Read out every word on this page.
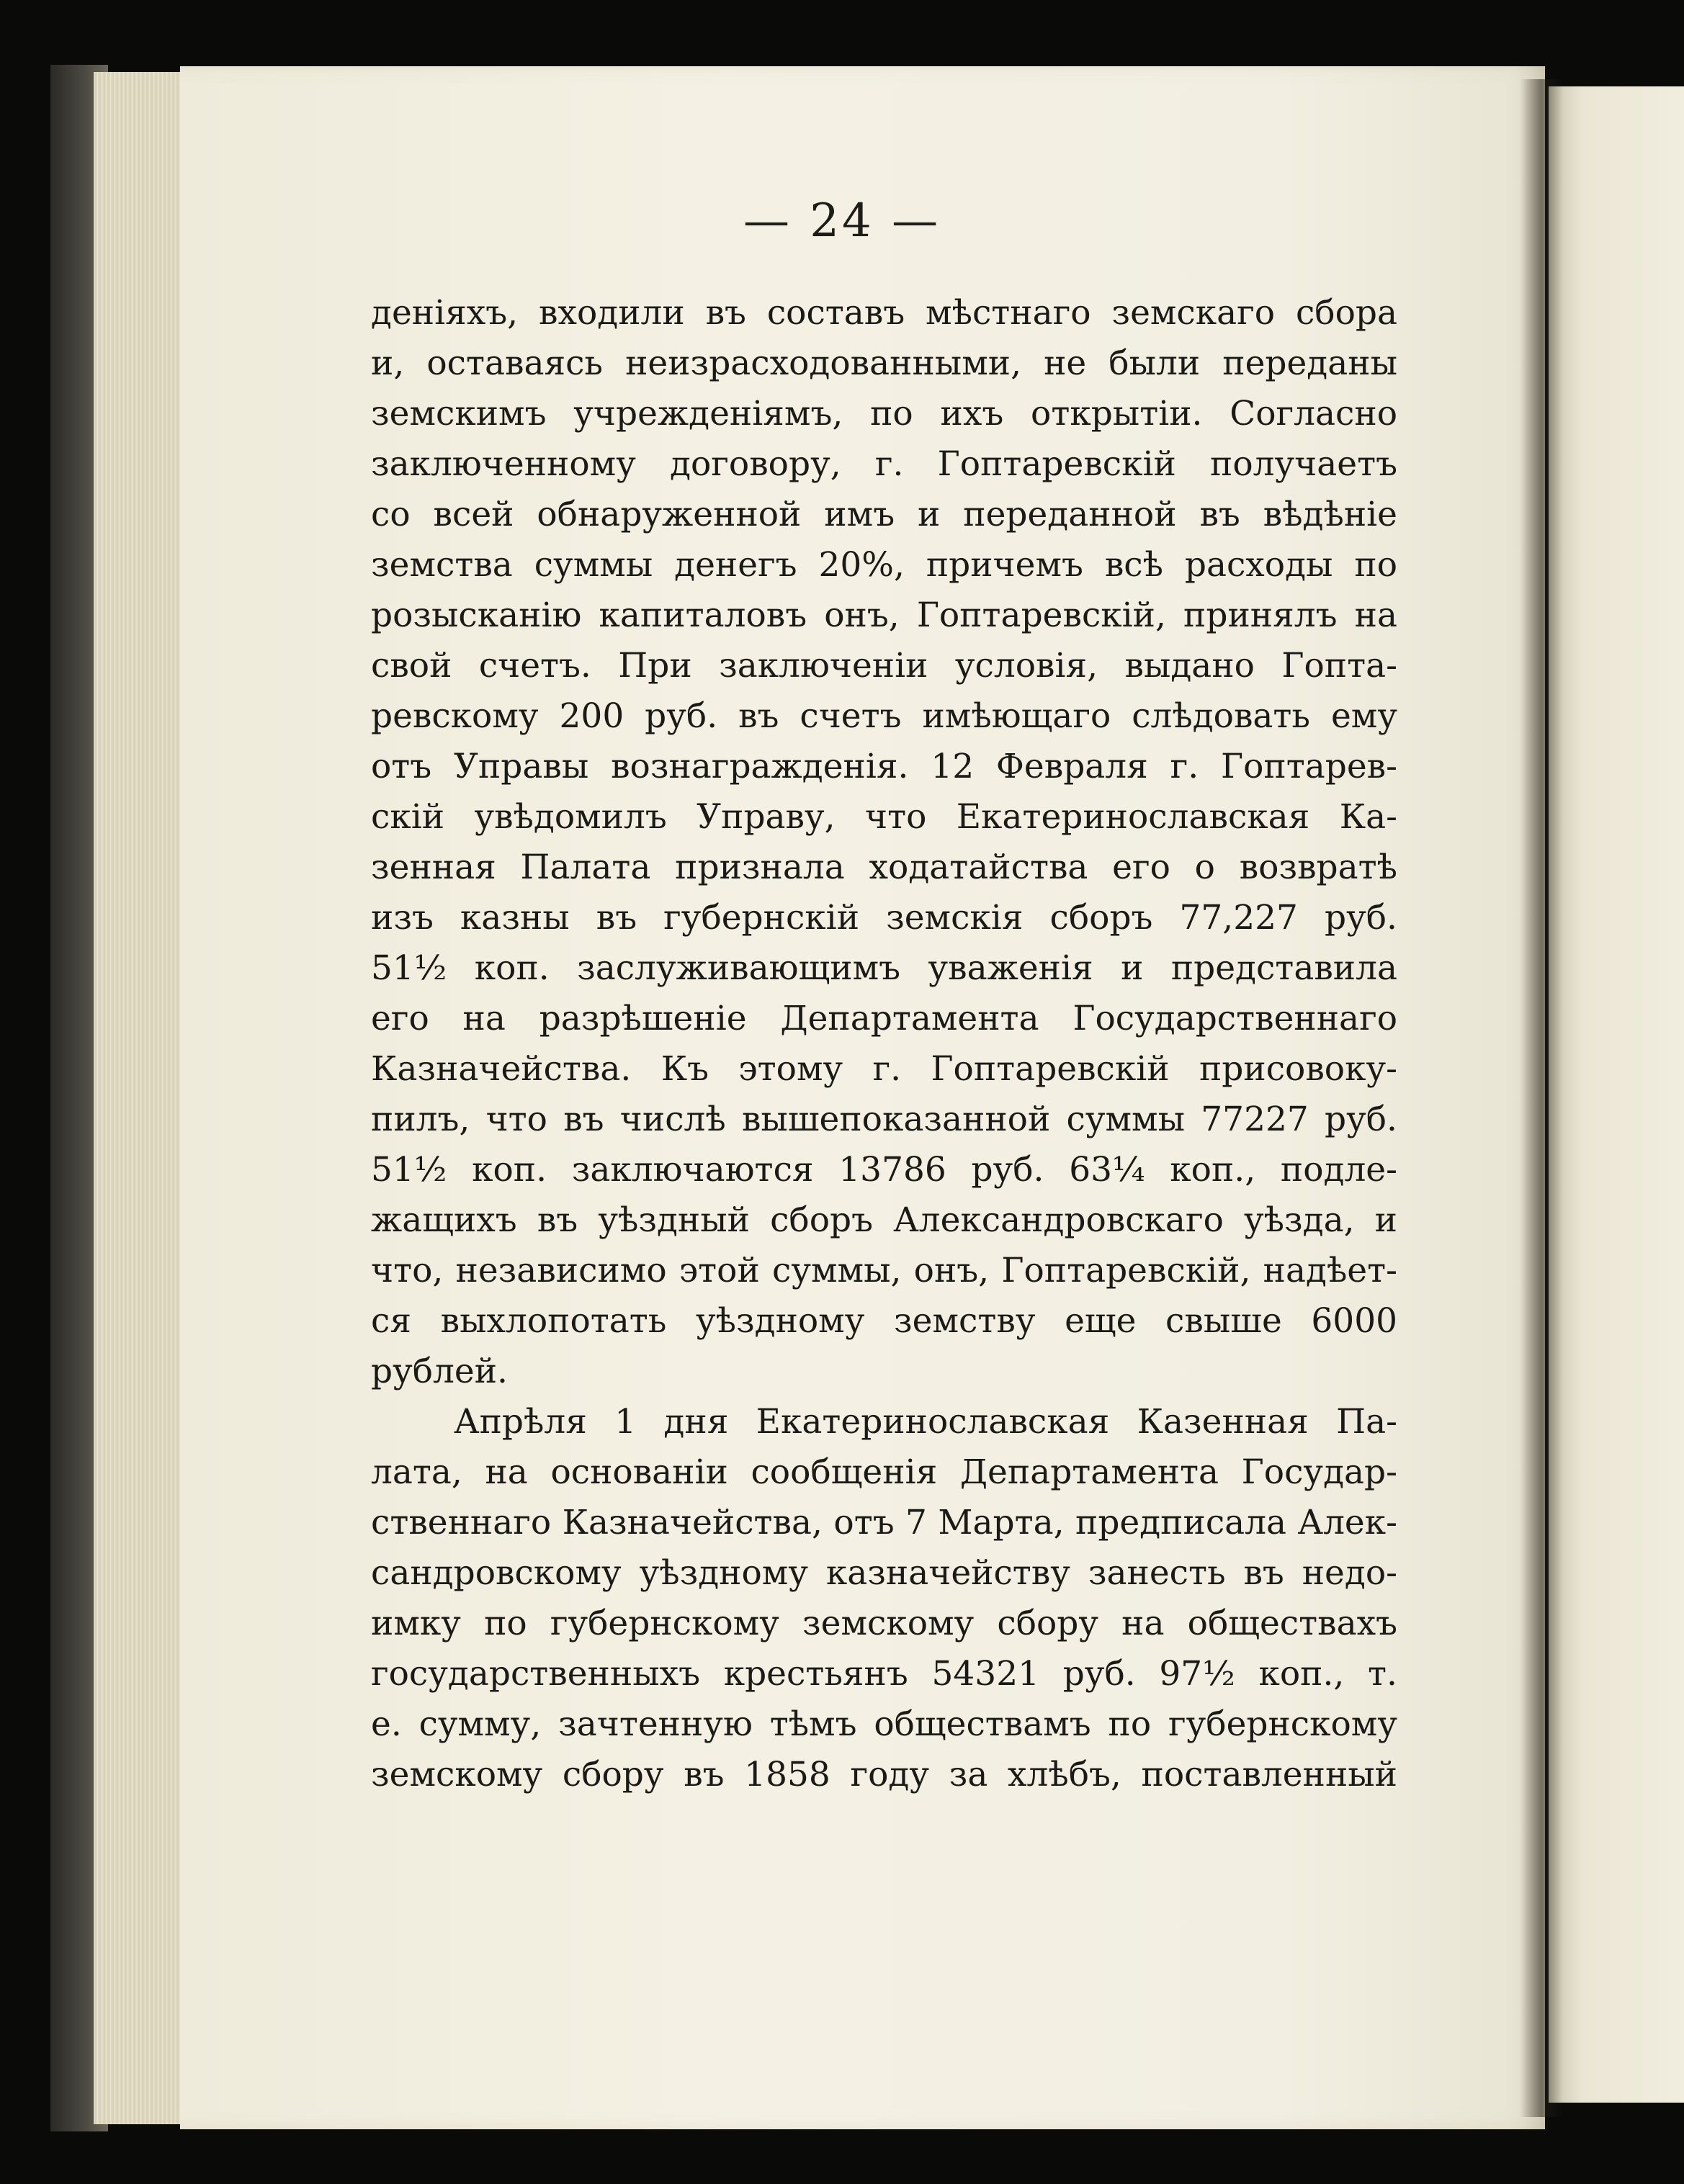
— 24 —
деніяхъ, входили въ составъ мѣстнаго земскаго сбора
и, оставаясь неизрасходованными, не были переданы
земскимъ учрежденіямъ, по ихъ открытіи. Согласно
заключенному договору, г. Гоптаревскій получаетъ
со всей обнаруженной имъ и переданной въ вѣдѣніе
земства суммы денегъ 20%, причемъ всѣ расходы по
розысканію капиталовъ онъ, Гоптаревскій, принялъ на
свой счетъ. При заключеніи условія, выдано Гопта-
ревскому 200 руб. въ счетъ имѣющаго слѣдовать ему
отъ Управы вознагражденія. 12 Февраля г. Гоптарев-
скій увѣдомилъ Управу, что Екатеринославская Ка-
зенная Палата признала ходатайства его о возвратѣ
изъ казны въ губернскій земскія сборъ 77,227 руб.
51½ коп. заслуживающимъ уваженія и представила
его на разрѣшеніе Департамента Государственнаго
Казначейства. Къ этому г. Гоптаревскій присовоку-
пилъ, что въ числѣ вышепоказанной суммы 77227 руб.
51½ коп. заключаются 13786 руб. 63¼ коп., подле-
жащихъ въ уѣздный сборъ Александровскаго уѣзда, и
что, независимо этой суммы, онъ, Гоптаревскій, надѣет-
ся выхлопотать уѣздному земству еще свыше 6000
рублей.
Апрѣля 1 дня Екатеринославская Казенная Па-
лата, на основаніи сообщенія Департамента Государ-
ственнаго Казначейства, отъ 7 Марта, предписала Алек-
сандровскому уѣздному казначейству занесть въ недо-
имку по губернскому земскому сбору на обществахъ
государственныхъ крестьянъ 54321 руб. 97½ коп., т.
е. сумму, зачтенную тѣмъ обществамъ по губернскому
земскому сбору въ 1858 году за хлѣбъ, поставленный
